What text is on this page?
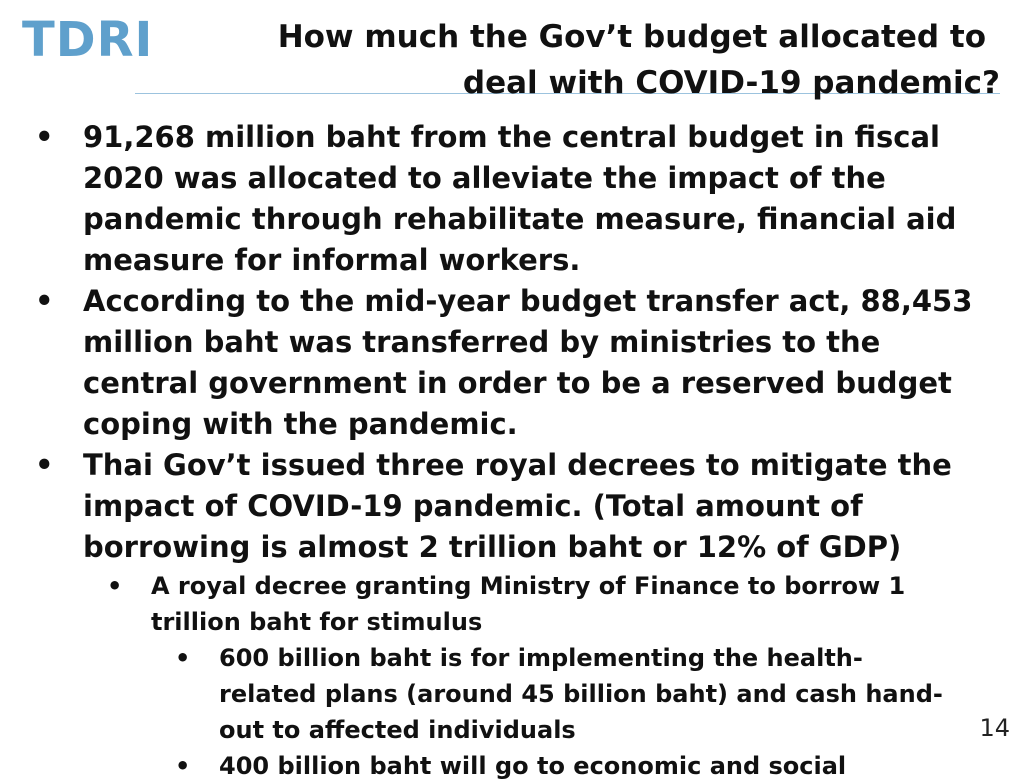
TDRI	How much the Gov’t budget allocated to
deal with COVID-19 pandemic?
• 91,268 million baht from the central budget in fiscal 2020 was allocated to alleviate the impact of the pandemic through rehabilitate measure, financial aid measure for informal workers.
• According to the mid-year budget transfer act, 88,453 million baht was transferred by ministries to the central government in order to be a reserved budget coping with the pandemic.
• Thai Gov’t issued three royal decrees to mitigate the impact of COVID-19 pandemic. (Total amount of borrowing is almost 2 trillion baht or 12% of GDP)
• A royal decree granting Ministry of Finance to borrow 1 trillion baht for stimulus
• 600 billion baht is for implementing the health-related plans (around 45 billion baht) and cash hand-out to affected individuals
• 400 billion baht will go to economic and social
14
